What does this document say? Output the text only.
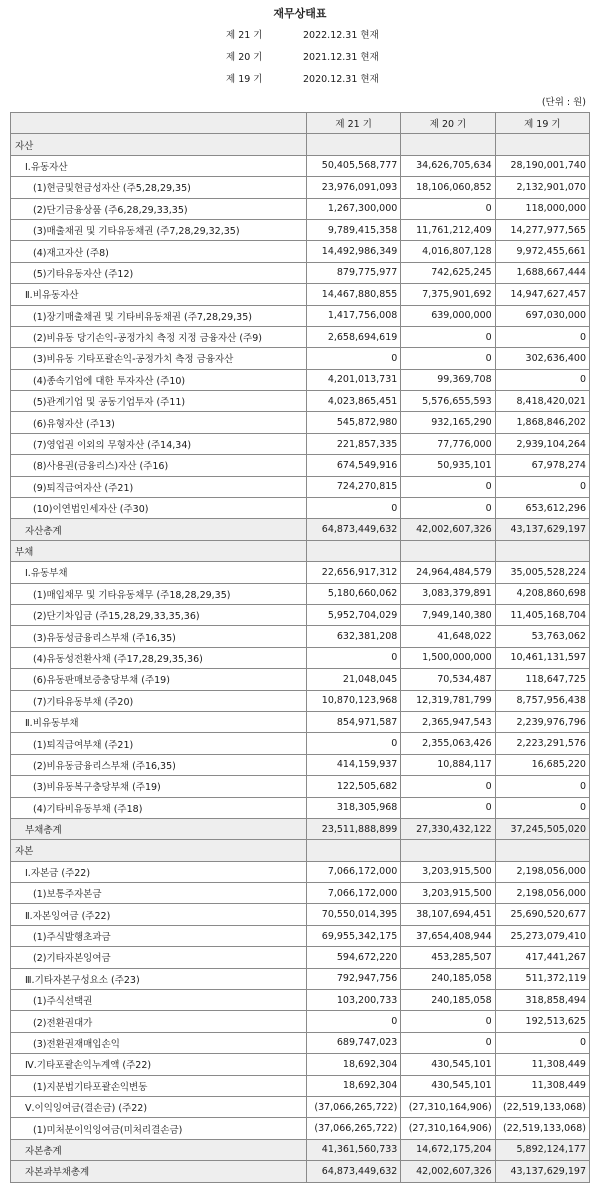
재무상태표
제 21 기	2022.12.31 현재
제 20 기	2021.12.31 현재
제 19 기	2020.12.31 현재
(단위 : 원)
	제 21 기	제 20 기	제 19 기
자산			
Ⅰ.유동자산	50,405,568,777	34,626,705,634	28,190,001,740
(1)현금및현금성자산 (주5,28,29,35)	23,976,091,093	18,106,060,852	2,132,901,070
(2)단기금융상품 (주6,28,29,33,35)	1,267,300,000	0	118,000,000
(3)매출채권 및 기타유동채권 (주7,28,29,32,35)	9,789,415,358	11,761,212,409	14,277,977,565
(4)재고자산 (주8)	14,492,986,349	4,016,807,128	9,972,455,661
(5)기타유동자산 (주12)	879,775,977	742,625,245	1,688,667,444
Ⅱ.비유동자산	14,467,880,855	7,375,901,692	14,947,627,457
(1)장기매출채권 및 기타비유동채권 (주7,28,29,35)	1,417,756,008	639,000,000	697,030,000
(2)비유동 당기손익-공정가치 측정 지정 금융자산 (주9)	2,658,694,619	0	0
(3)비유동 기타포괄손익-공정가치 측정 금융자산	0	0	302,636,400
(4)종속기업에 대한 투자자산 (주10)	4,201,013,731	99,369,708	0
(5)관계기업 및 공동기업투자 (주11)	4,023,865,451	5,576,655,593	8,418,420,021
(6)유형자산 (주13)	545,872,980	932,165,290	1,868,846,202
(7)영업권 이외의 무형자산 (주14,34)	221,857,335	77,776,000	2,939,104,264
(8)사용권(금융리스)자산 (주16)	674,549,916	50,935,101	67,978,274
(9)퇴직급여자산 (주21)	724,270,815	0	0
(10)이연법인세자산 (주30)	0	0	653,612,296
자산총계	64,873,449,632	42,002,607,326	43,137,629,197
부채			
Ⅰ.유동부채	22,656,917,312	24,964,484,579	35,005,528,224
(1)매입채무 및 기타유동채무 (주18,28,29,35)	5,180,660,062	3,083,379,891	4,208,860,698
(2)단기차입금 (주15,28,29,33,35,36)	5,952,704,029	7,949,140,380	11,405,168,704
(3)유동성금융리스부채 (주16,35)	632,381,208	41,648,022	53,763,062
(4)유동성전환사채 (주17,28,29,35,36)	0	1,500,000,000	10,461,131,597
(6)유동판매보증충당부채 (주19)	21,048,045	70,534,487	118,647,725
(7)기타유동부채 (주20)	10,870,123,968	12,319,781,799	8,757,956,438
Ⅱ.비유동부채	854,971,587	2,365,947,543	2,239,976,796
(1)퇴직급여부채 (주21)	0	2,355,063,426	2,223,291,576
(2)비유동금융리스부채 (주16,35)	414,159,937	10,884,117	16,685,220
(3)비유동복구충당부채 (주19)	122,505,682	0	0
(4)기타비유동부채 (주18)	318,305,968	0	0
부채총계	23,511,888,899	27,330,432,122	37,245,505,020
자본			
Ⅰ.자본금 (주22)	7,066,172,000	3,203,915,500	2,198,056,000
(1)보통주자본금	7,066,172,000	3,203,915,500	2,198,056,000
Ⅱ.자본잉여금 (주22)	70,550,014,395	38,107,694,451	25,690,520,677
(1)주식발행초과금	69,955,342,175	37,654,408,944	25,273,079,410
(2)기타자본잉여금	594,672,220	453,285,507	417,441,267
Ⅲ.기타자본구성요소 (주23)	792,947,756	240,185,058	511,372,119
(1)주식선택권	103,200,733	240,185,058	318,858,494
(2)전환권대가	0	0	192,513,625
(3)전환권재매입손익	689,747,023	0	0
Ⅳ.기타포괄손익누계액 (주22)	18,692,304	430,545,101	11,308,449
(1)지분법기타포괄손익변동	18,692,304	430,545,101	11,308,449
Ⅴ.이익잉여금(결손금) (주22)	(37,066,265,722)	(27,310,164,906)	(22,519,133,068)
(1)미처분이익잉여금(미처리결손금)	(37,066,265,722)	(27,310,164,906)	(22,519,133,068)
자본총계	41,361,560,733	14,672,175,204	5,892,124,177
자본과부채총계	64,873,449,632	42,002,607,326	43,137,629,197
